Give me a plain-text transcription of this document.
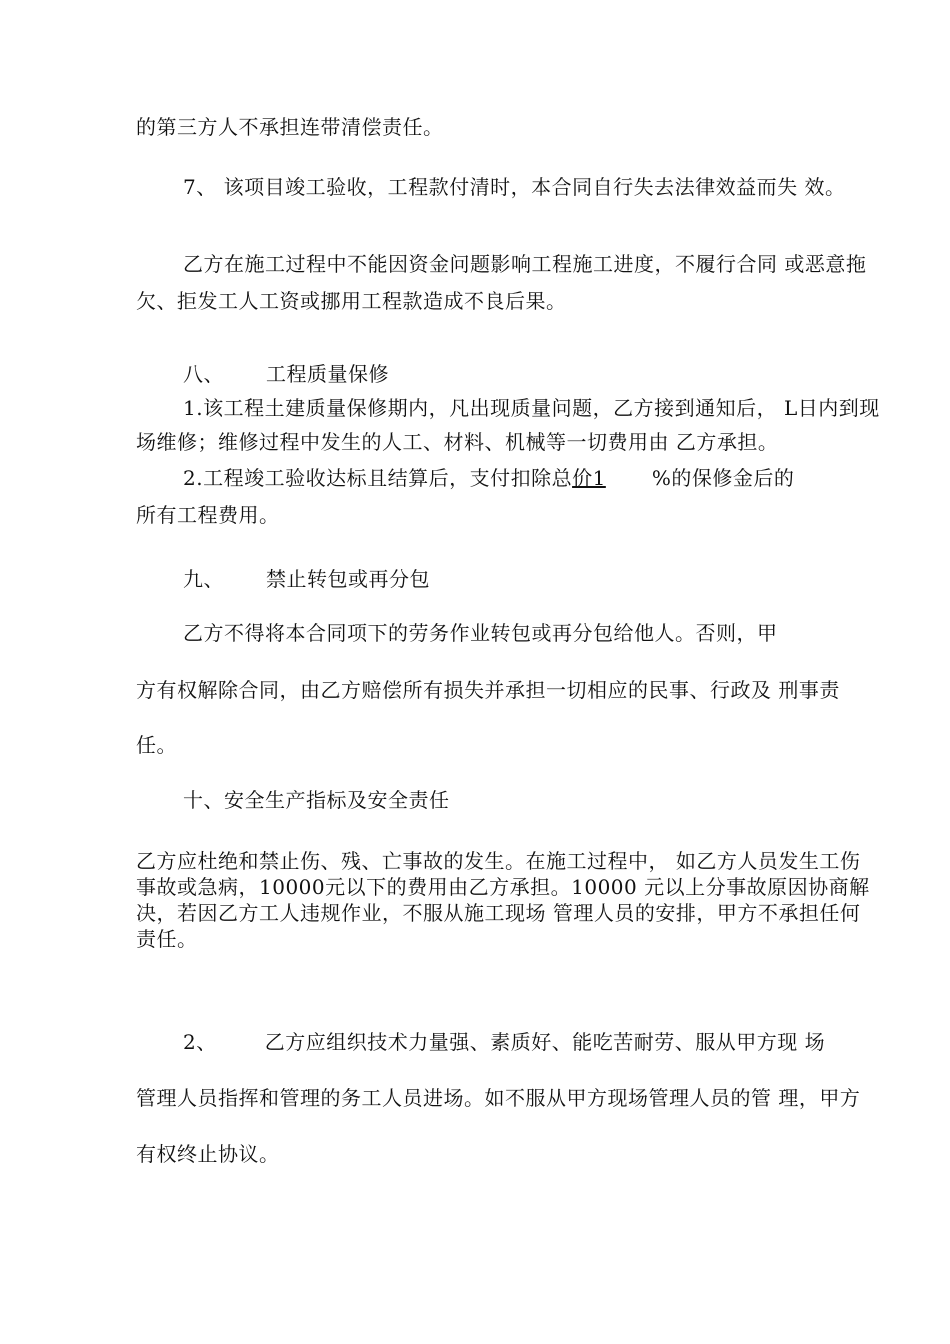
的第三方人不承担连带清偿责任。
7、 该项目竣工验收，工程款付清时，本合同自行失去法律效益而失 效。
乙方在施工过程中不能因资金问题影响工程施工进度，不履行合同 或恶意拖
欠、拒发工人工资或挪用工程款造成不良后果。
八、 工程质量保修
1.该工程土建质量保修期内，凡出现质量问题，乙方接到通知后， L日内到现
场维修；维修过程中发生的人工、材料、机械等一切费用由 乙方承担。
2.工程竣工验收达标且结算后，支付扣除总价1 %的保修金后的
所有工程费用。
九、 禁止转包或再分包
乙方不得将本合同项下的劳务作业转包或再分包给他人。否则，甲
方有权解除合同，由乙方赔偿所有损失并承担一切相应的民事、行政及 刑事责
任。
十、安全生产指标及安全责任
乙方应杜绝和禁止伤、残、亡事故的发生。在施工过程中， 如乙方人员发生工伤
事故或急病，10000元以下的费用由乙方承担。10000 元以上分事故原因协商解
决，若因乙方工人违规作业，不服从施工现场 管理人员的安排，甲方不承担任何
责任。
2、 乙方应组织技术力量强、素质好、能吃苦耐劳、服从甲方现 场
管理人员指挥和管理的务工人员进场。如不服从甲方现场管理人员的管 理，甲方
有权终止协议。
